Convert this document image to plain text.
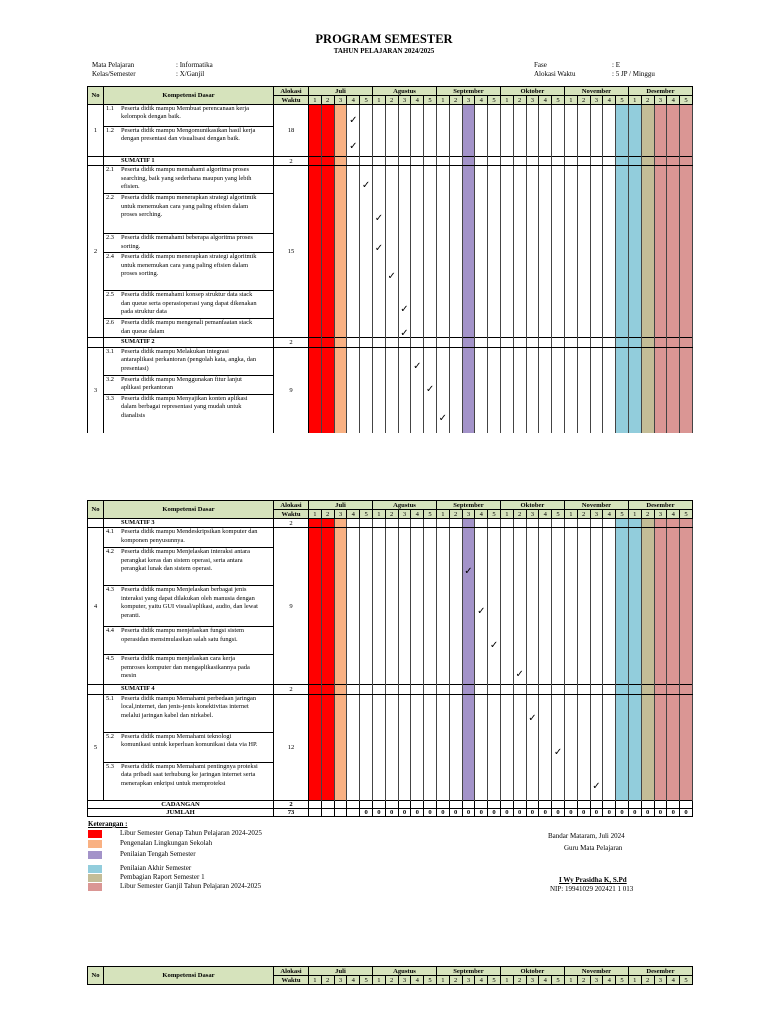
PROGRAM SEMESTER
TAHUN PELAJARAN 2024/2025
Mata Pelajaran	: Informatika
Kelas/Semester	: X/Ganjil
Fase	: E
Alokasi Waktu	: 5 JP / Minggu
No	Kompetensi Dasar	Alokasi	Juli					Agustus					September					Oktober					November					Desember				
		Waktu	1	2	3	4	5	1	2	3	4	5	1	2	3	4	5	1	2	3	4	5	1	2	3	4	5	1	2	3	4	5
1	1.1 Peserta didik mampu Membuat perencanaan kerja kelompok dengan baik.	18				✓																										
	1.2 Peserta didik mampu Mengomunikasikan hasil kerja dengan presentasi dan visualisasi dengan baik.					✓																										
	SUMATIF 1	2																														
2	2.1 Peserta didik mampu memahami algoritma proses searching, baik yang sederhana maupun yang lebih efisien.	15					✓																									
	2.2 Peserta didik mampu menerapkan strategi algoritmik untuk menemukan cara yang paling efisien dalam proses serching.							✓																								
	2.3 Peserta didik memahami beberapa algoritma proses sorting.							✓																								
	2.4 Peserta didik mampu menerapkan strategi algoritmik untuk menemukan cara yang paling efisien dalam proses sorting.								✓																							
	2.5 Peserta didik memahami konsep struktur data stack dan queue serta operasioperasi yang dapat dikenakan pada struktur data									✓																						
	2.6 Peserta didik mampu mengenali pemanfaatan stack dan queue dalam									✓																						
	SUMATIF 2	2																														
3	3.1 Peserta didik mampu Melakukan integrasi antaraplikasi perkantoran (pengolah kata, angka, dan presentasi)	9									✓																					
	3.2 Peserta didik mampu Menggunakan fitur lanjut aplikasi perkantoran											✓																				
	3.3 Peserta didik mampu Menyajikan konten aplikasi dalam berbagai representasi yang mudah untuk dianalisis												✓																			
No	Kompetensi Dasar	Alokasi	Juli					Agustus					September					Oktober					November					Desember				
		Waktu	1	2	3	4	5	1	2	3	4	5	1	2	3	4	5	1	2	3	4	5	1	2	3	4	5	1	2	3	4	5
	SUMATIF 3	2																														
4	4.1 Peserta didik mampu Mendeskripsikan komputer dan komponen penyusunnya.	9																														
	4.2 Peserta didik mampu Menjelaskan interaksi antara perangkat keras dan sistem operasi, serta antara perangkat lunak dan sistem operasi.														✓																	
	4.3 Peserta didik mampu Menjelaskan berbagai jenis interaksi yang dapat dilakukan oleh manusia dengan komputer, yaitu GUI visual/aplikasi, audio, dan lewat peranti.															✓																
	4.4 Peserta didik mampu menjelaskan fungsi sistem operasidan mensimulasikan salah satu fungsi.																✓															
	4.5 Peserta didik mampu menjelaskan cara kerja pemroses komputer dan mengaplikasikannya pada mesin																		✓													
	SUMATIF 4	2																														
5	5.1 Peserta didik mampu Memahami perbedaan jaringan local,internet, dan jenis-jenis konektivitas internet melalui jaringan kabel dan nirkabel.	12																		✓												
	5.2 Peserta didik mampu Memahami teknologi komunikasi untuk keperluan komunikasi data via HP.																					✓										
	5.3 Peserta didik mampu Memahami pentingnya proteksi data pribadi saat terhubung ke jaringan internet serta menerapkan enkripsi untuk memproteksi																								✓							
CADANGAN		2																														
JUMLAH		73					0	0	0	0	0	0	0	0	0	0	0	0	0	0	0	0	0	0	0	0	0	0	0	0	0	0
No	Kompetensi Dasar	Alokasi	Juli					Agustus					September					Oktober					November					Desember				
		Waktu	1	2	3	4	5	1	2	3	4	5	1	2	3	4	5	1	2	3	4	5	1	2	3	4	5	1	2	3	4	5
Keterangan :
Libur Semester Genap Tahun Pelajaran 2024-2025
Pengenalan Lingkungan Sekolah
Penilaian Tengah Semester
Penilaian Akhir Semester
Pembagian Raport Semester 1
Libur Semester Ganjil Tahun Pelajaran 2024-2025
Bandar Mataram, Juli 2024
Guru Mata Pelajaran
I Wy Prasidha K, S.Pd
NIP: 19941029 202421 1 013
